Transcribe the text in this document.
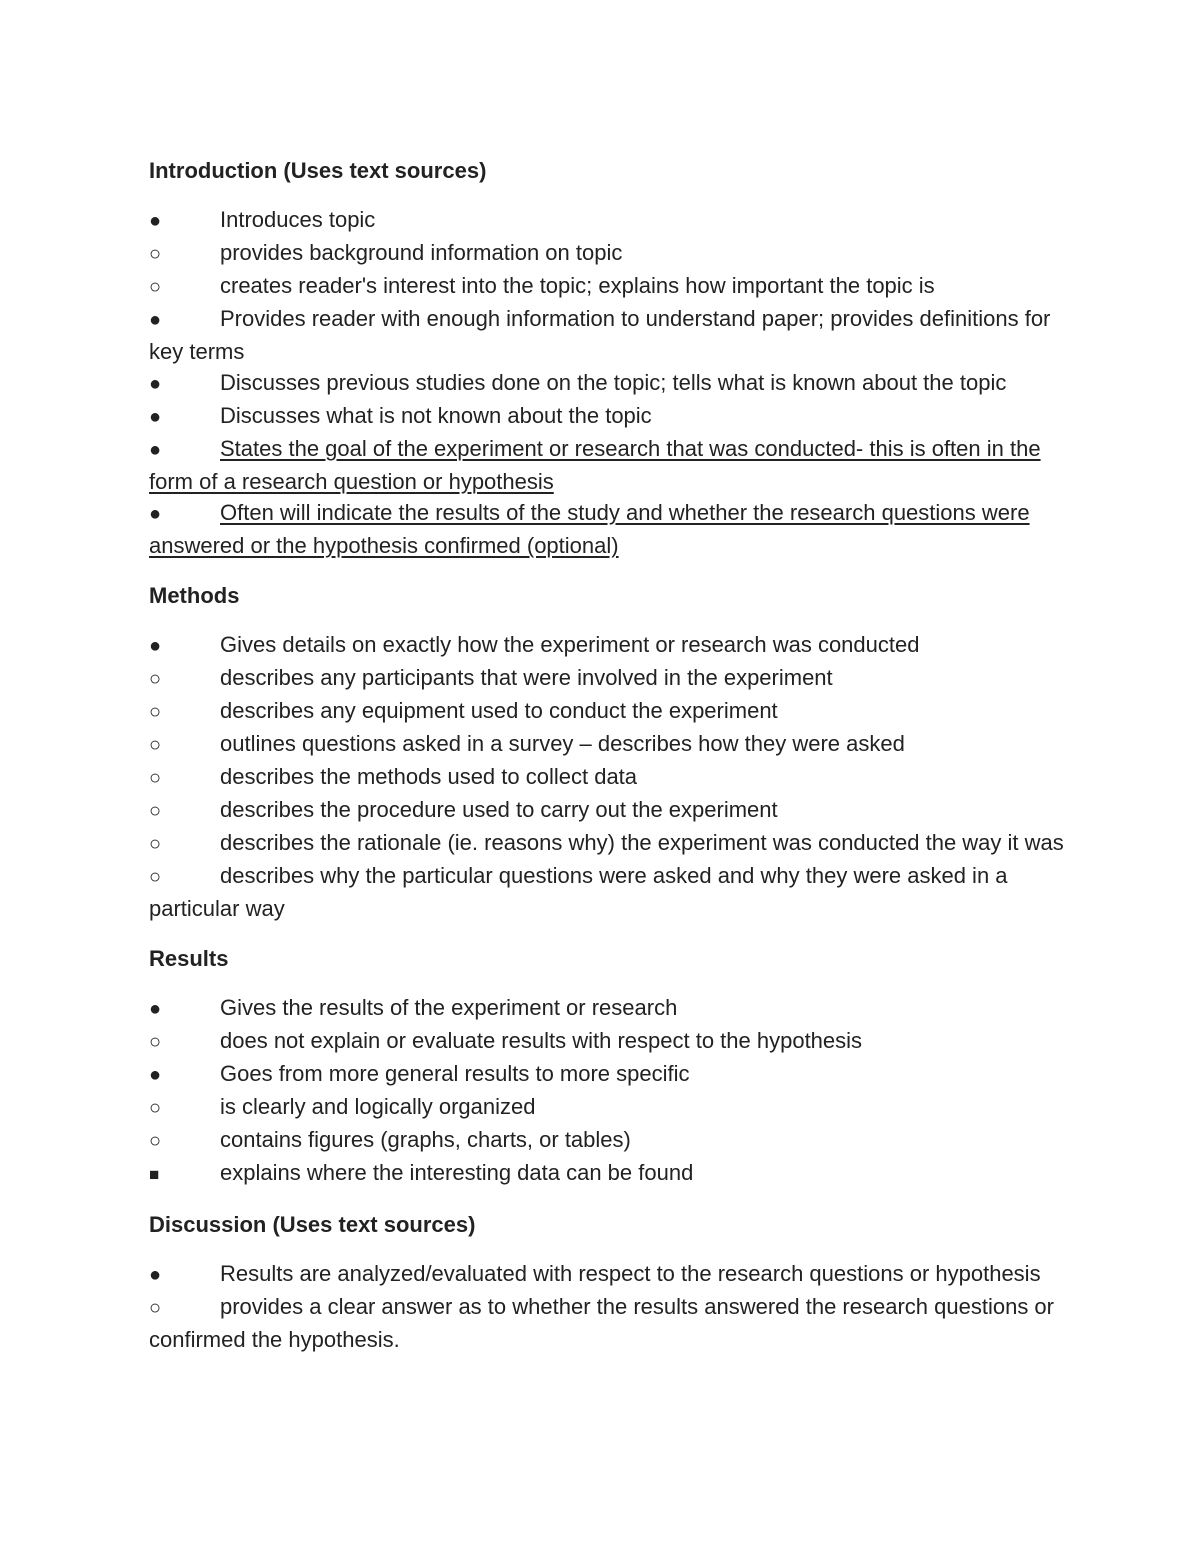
Introduction (Uses text sources)
●	Introduces topic
○	provides background information on topic
○	creates reader's interest into the topic; explains how important the topic is
●	Provides reader with enough information to understand paper; provides definitions for key terms
●	Discusses previous studies done on the topic; tells what is known about the topic
●	Discusses what is not known about the topic
●	States the goal of the experiment or research that was conducted- this is often in the form of a research question or hypothesis
●	Often will indicate the results of the study and whether the research questions were answered or the hypothesis confirmed (optional)
Methods
●	Gives details on exactly how the experiment or research was conducted
○	describes any participants that were involved in the experiment
○	describes any equipment used to conduct the experiment
○	outlines questions asked in a survey – describes how they were asked
○	describes the methods used to collect data
○	describes the procedure used to carry out the experiment
○	describes the rationale (ie. reasons why) the experiment was conducted the way it was
○	describes why the particular questions were asked and why they were asked in a particular way
Results
●	Gives the results of the experiment or research
○	does not explain or evaluate results with respect to the hypothesis
●	Goes from more general results to more specific
○	is clearly and logically organized
○	contains figures (graphs, charts, or tables)
■	explains where the interesting data can be found
Discussion (Uses text sources)
●	Results are analyzed/evaluated with respect to the research questions or hypothesis
○	provides a clear answer as to whether the results answered the research questions or confirmed the hypothesis.
